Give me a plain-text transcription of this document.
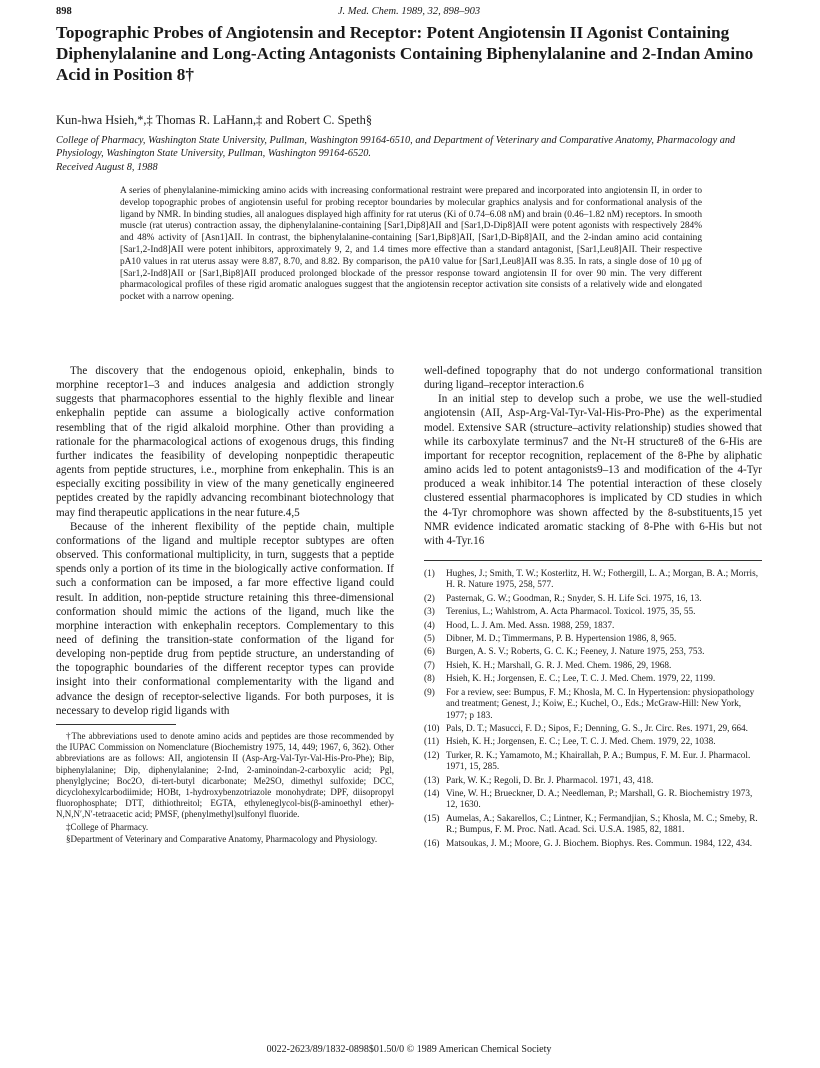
898	J. Med. Chem. 1989, 32, 898–903
Topographic Probes of Angiotensin and Receptor: Potent Angiotensin II Agonist Containing Diphenylalanine and Long-Acting Antagonists Containing Biphenylalanine and 2-Indan Amino Acid in Position 8†
Kun-hwa Hsieh,*,‡ Thomas R. LaHann,‡ and Robert C. Speth§
College of Pharmacy, Washington State University, Pullman, Washington 99164-6510, and Department of Veterinary and Comparative Anatomy, Pharmacology and Physiology, Washington State University, Pullman, Washington 99164-6520.
Received August 8, 1988

A series of phenylalanine-mimicking amino acids with increasing conformational restraint were prepared and incorporated into angiotensin II, in order to develop topographic probes of angiotensin useful for probing receptor boundaries by molecular graphics analysis and for conformational analysis of the ligand by NMR. In binding studies, all analogues displayed high affinity for rat uterus (Ki of 0.74–6.08 nM) and brain (0.46–1.82 nM) receptors. In smooth muscle (rat uterus) contraction assay, the diphenylalanine-containing [Sar1,Dip8]AII and [Sar1,D-Dip8]AII were potent agonists with respectively 284% and 48% activity of [Asn1]AII. In contrast, the biphenylalanine-containing [Sar1,Bip8]AII, [Sar1,D-Bip8]AII, and the 2-indan amino acid containing [Sar1,2-Ind8]AII were potent inhibitors, approximately 9, 2, and 1.4 times more effective than a standard antagonist, [Sar1,Leu8]AII. Their respective pA10 values in rat uterus assay were 8.87, 8.70, and 8.82. By comparison, the pA10 value for [Sar1,Leu8]AII was 8.35. In rats, a single dose of 10 μg of [Sar1,2-Ind8]AII or [Sar1,Bip8]AII produced prolonged blockade of the pressor response toward angiotensin II for over 90 min. The very different pharmacological profiles of these rigid aromatic analogues suggest that the angiotensin receptor activation site consists of a relatively wide and elongated pocket with a narrow opening.

The discovery that the endogenous opioid, enkephalin, binds to morphine receptor1–3 and induces analgesia and addiction strongly suggests that pharmacophores essential to the highly flexible and linear enkephalin peptide can assume a biologically active conformation resembling that of the rigid alkaloid morphine. Other than providing a rationale for the pharmacological actions of exogenous drugs, this finding further indicates the feasibility of developing nonpeptidic therapeutic agents from peptide structures, i.e., morphine from enkephalin. This is an especially exciting possibility in view of the many genetically engineered peptides created by the rapidly advancing recombinant biotechnology that may find therapeutic applications in the near future.4,5

Because of the inherent flexibility of the peptide chain, multiple conformations of the ligand and multiple receptor subtypes are often observed. This conformational multiplicity, in turn, suggests that a peptide spends only a portion of its time in the biologically active conformation. If such a conformation can be imposed, a far more effective ligand could result. In addition, non-peptide structure retaining this three-dimensional conformation should mimic the actions of the ligand, much like the morphine interaction with enkephalin receptors. Complementary to this need of defining the transition-state conformation of the ligand for developing non-peptide drug from peptide structure, an understanding of the topographic boundaries of the different receptor types can provide insight into their conformational complementarity with the ligand and advance the design of receptor-selective ligands. For both purposes, it is necessary to develop rigid ligands with

†The abbreviations used to denote amino acids and peptides are those recommended by the IUPAC Commission on Nomenclature (Biochemistry 1975, 14, 449; 1967, 6, 362). Other abbreviations are as follows: AII, angiotensin II (Asp-Arg-Val-Tyr-Val-His-Pro-Phe); Bip, biphenylalanine; Dip, diphenylalanine; 2-Ind, 2-aminoindan-2-carboxylic acid; Pgl, phenylglycine; Boc2O, di-tert-butyl dicarbonate; Me2SO, dimethyl sulfoxide; DCC, dicyclohexylcarbodiimide; HOBt, 1-hydroxybenzotriazole monohydrate; DPF, diisopropyl fluorophosphate; DTT, dithiothreitol; EGTA, ethyleneglycol-bis(β-aminoethyl ether)-N,N,N′,N′-tetraacetic acid; PMSF, (phenylmethyl)sulfonyl fluoride.

‡College of Pharmacy.

§Department of Veterinary and Comparative Anatomy, Pharmacology and Physiology.

well-defined topography that do not undergo conformational transition during ligand–receptor interaction.6

In an initial step to develop such a probe, we use the well-studied angiotensin (AII, Asp-Arg-Val-Tyr-Val-His-Pro-Phe) as the experimental model. Extensive SAR (structure–activity relationship) studies showed that while its carboxylate terminus7 and the Nτ-H structure8 of the 6-His are important for receptor recognition, replacement of the 8-Phe by aliphatic amino acids led to potent antagonists9–13 and modification of the 4-Tyr produced a weak inhibitor.14 The potential interaction of these closely clustered essential pharmacophores is implicated by CD studies in which the 4-Tyr chromophore was shown affected by the 8-substituents,15 yet NMR evidence indicated aromatic stacking of 8-Phe with 6-His but not with 4-Tyr.16

(1)	Hughes, J.; Smith, T. W.; Kosterlitz, H. W.; Fothergill, L. A.; Morgan, B. A.; Morris, H. R. Nature 1975, 258, 577.
(2)	Pasternak, G. W.; Goodman, R.; Snyder, S. H. Life Sci. 1975, 16, 13.
(3)	Terenius, L.; Wahlstrom, A. Acta Pharmacol. Toxicol. 1975, 35, 55.
(4)	Hood, L. J. Am. Med. Assn. 1988, 259, 1837.
(5)	Dibner, M. D.; Timmermans, P. B. Hypertension 1986, 8, 965.
(6)	Burgen, A. S. V.; Roberts, G. C. K.; Feeney, J. Nature 1975, 253, 753.
(7)	Hsieh, K. H.; Marshall, G. R. J. Med. Chem. 1986, 29, 1968.
(8)	Hsieh, K. H.; Jorgensen, E. C.; Lee, T. C. J. Med. Chem. 1979, 22, 1199.
(9)	For a review, see: Bumpus, F. M.; Khosla, M. C. In Hypertension: physiopathology and treatment; Genest, J.; Koiw, E.; Kuchel, O., Eds.; McGraw-Hill: New York, 1977; p 183.
(10) Pals, D. T.; Masucci, F. D.; Sipos, F.; Denning, G. S., Jr. Circ. Res. 1971, 29, 664.
(11) Hsieh, K. H.; Jorgensen, E. C.; Lee, T. C. J. Med. Chem. 1979, 22, 1038.
(12) Turker, R. K.; Yamamoto, M.; Khairallah, P. A.; Bumpus, F. M. Eur. J. Pharmacol. 1971, 15, 285.
(13) Park, W. K.; Regoli, D. Br. J. Pharmacol. 1971, 43, 418.
(14) Vine, W. H.; Brueckner, D. A.; Needleman, P.; Marshall, G. R. Biochemistry 1973, 12, 1630.
(15) Aumelas, A.; Sakarellos, C.; Lintner, K.; Fermandjian, S.; Khosla, M. C.; Smeby, R. R.; Bumpus, F. M. Proc. Natl. Acad. Sci. U.S.A. 1985, 82, 1881.
(16) Matsoukas, J. M.; Moore, G. J. Biochem. Biophys. Res. Commun. 1984, 122, 434.
0022-2623/89/1832-0898$01.50/0 © 1989 American Chemical Society
